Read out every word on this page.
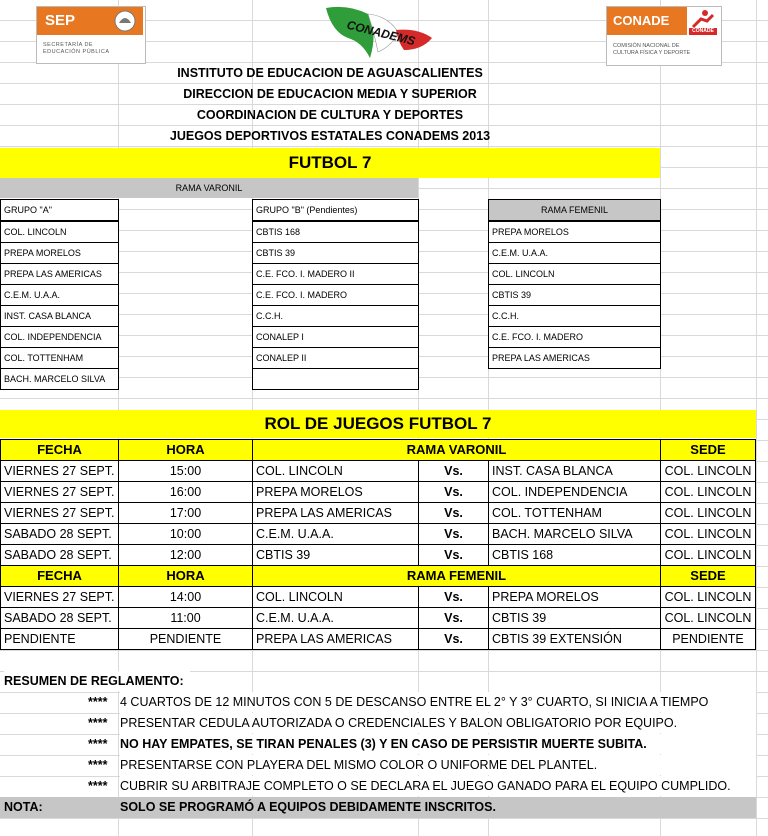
SEP
SECRETARÍA DE
EDUCACIÓN PÚBLICA
CONADEMS	CONADE
CONADE
COMISIÓN NACIONAL DE
CULTURA FÍSICA Y DEPORTE
INSTITUTO DE EDUCACION DE AGUASCALIENTES
DIRECCION DE EDUCACION MEDIA Y SUPERIOR
COORDINACION DE CULTURA Y DEPORTES
JUEGOS DEPORTIVOS ESTATALES CONADEMS 2013
FUTBOL 7
RAMA VARONIL
GRUPO "A"	GRUPO "B" (Pendientes)	RAMA FEMENIL
COL. LINCOLN
PREPA MORELOS
PREPA LAS AMERICAS
C.E.M. U.A.A.
INST. CASA BLANCA
COL. INDEPENDENCIA
COL. TOTTENHAM
BACH. MARCELO SILVA
CBTIS 168
CBTIS 39
C.E. FCO. I. MADERO II
C.E. FCO. I. MADERO
C.C.H.
CONALEP I
CONALEP II
PREPA MORELOS
C.E.M. U.A.A.
COL. LINCOLN
CBTIS 39
C.C.H.
C.E. FCO. I. MADERO
PREPA LAS AMERICAS
ROL DE JUEGOS FUTBOL 7
FECHA	HORA	RAMA VARONIL	SEDE
VIERNES 27 SEPT.	15:00	COL. LINCOLN	Vs.	INST. CASA BLANCA	COL. LINCOLN
VIERNES 27 SEPT.	16:00	PREPA MORELOS	Vs.	COL. INDEPENDENCIA	COL. LINCOLN
VIERNES 27 SEPT.	17:00	PREPA LAS AMERICAS	Vs.	COL. TOTTENHAM	COL. LINCOLN
SABADO 28 SEPT.	10:00	C.E.M. U.A.A.	Vs.	BACH. MARCELO SILVA	COL. LINCOLN
SABADO 28 SEPT.	12:00	CBTIS 39	Vs.	CBTIS 168	COL. LINCOLN
FECHA	HORA	RAMA FEMENIL	SEDE
VIERNES 27 SEPT.	14:00	COL. LINCOLN	Vs.	PREPA MORELOS	COL. LINCOLN
SABADO 28 SEPT.	11:00	C.E.M. U.A.A.	Vs.	CBTIS 39	COL. LINCOLN
PENDIENTE	PENDIENTE	PREPA LAS AMERICAS	Vs.	CBTIS 39 EXTENSIÓN	PENDIENTE
RESUMEN DE REGLAMENTO:
**** 4 CUARTOS DE 12 MINUTOS CON 5 DE DESCANSO ENTRE EL 2° Y 3° CUARTO, SI INICIA A TIEMPO
**** PRESENTAR CEDULA AUTORIZADA O CREDENCIALES Y BALON OBLIGATORIO POR EQUIPO.
**** NO HAY EMPATES, SE TIRAN PENALES (3) Y EN CASO DE PERSISTIR MUERTE SUBITA.
**** PRESENTARSE CON PLAYERA DEL MISMO COLOR O UNIFORME DEL PLANTEL.
**** CUBRIR SU ARBITRAJE COMPLETO O SE DECLARA EL JUEGO GANADO PARA EL EQUIPO CUMPLIDO.
NOTA:	SOLO SE PROGRAMÓ A EQUIPOS DEBIDAMENTE INSCRITOS.
